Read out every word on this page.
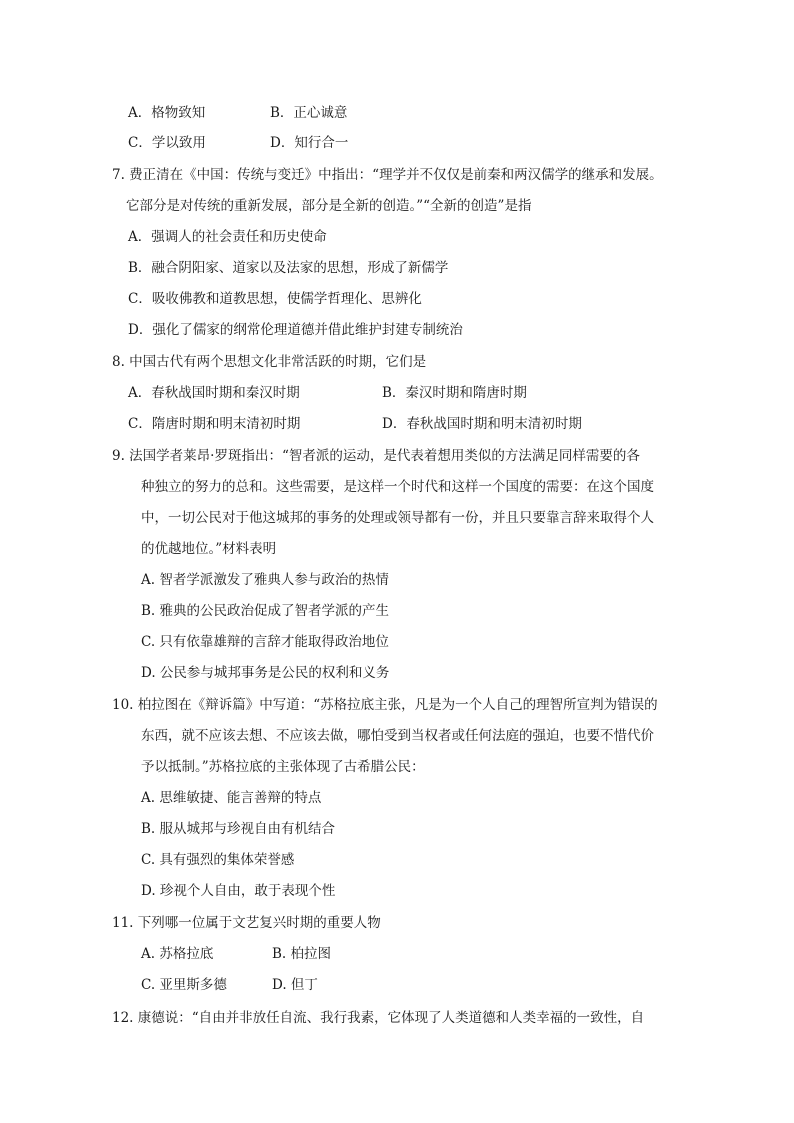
A．格物致知	B．正心诚意
C．学以致用	D．知行合一
7. 费正清在《中国：传统与变迁》中指出：“理学并不仅仅是前秦和两汉儒学的继承和发展。
它部分是对传统的重新发展，部分是全新的创造。”“全新的创造”是指
A．强调人的社会责任和历史使命
B．融合阴阳家、道家以及法家的思想，形成了新儒学
C．吸收佛教和道教思想，使儒学哲理化、思辨化
D．强化了儒家的纲常伦理道德并借此维护封建专制统治
8. 中国古代有两个思想文化非常活跃的时期，它们是
A．春秋战国时期和秦汉时期	B．秦汉时期和隋唐时期
C．隋唐时期和明末清初时期	D．春秋战国时期和明末清初时期
9. 法国学者莱昂·罗斑指出：“智者派的运动，是代表着想用类似的方法满足同样需要的各
种独立的努力的总和。这些需要，是这样一个时代和这样一个国度的需要：在这个国度
中，一切公民对于他这城邦的事务的处理或领导都有一份，并且只要靠言辞来取得个人
的优越地位。”材料表明
A. 智者学派激发了雅典人参与政治的热情
B. 雅典的公民政治促成了智者学派的产生
C. 只有依靠雄辩的言辞才能取得政治地位
D. 公民参与城邦事务是公民的权利和义务
10. 柏拉图在《辩诉篇》中写道：“苏格拉底主张，凡是为一个人自己的理智所宣判为错误的
东西，就不应该去想、不应该去做，哪怕受到当权者或任何法庭的强迫，也要不惜代价
予以抵制。”苏格拉底的主张体现了古希腊公民：
A. 思维敏捷、能言善辩的特点
B. 服从城邦与珍视自由有机结合
C. 具有强烈的集体荣誉感
D. 珍视个人自由，敢于表现个性
11. 下列哪一位属于文艺复兴时期的重要人物
A. 苏格拉底	B. 柏拉图
C. 亚里斯多德	D. 但丁
12. 康德说：“自由并非放任自流、我行我素，它体现了人类道德和人类幸福的一致性，自
